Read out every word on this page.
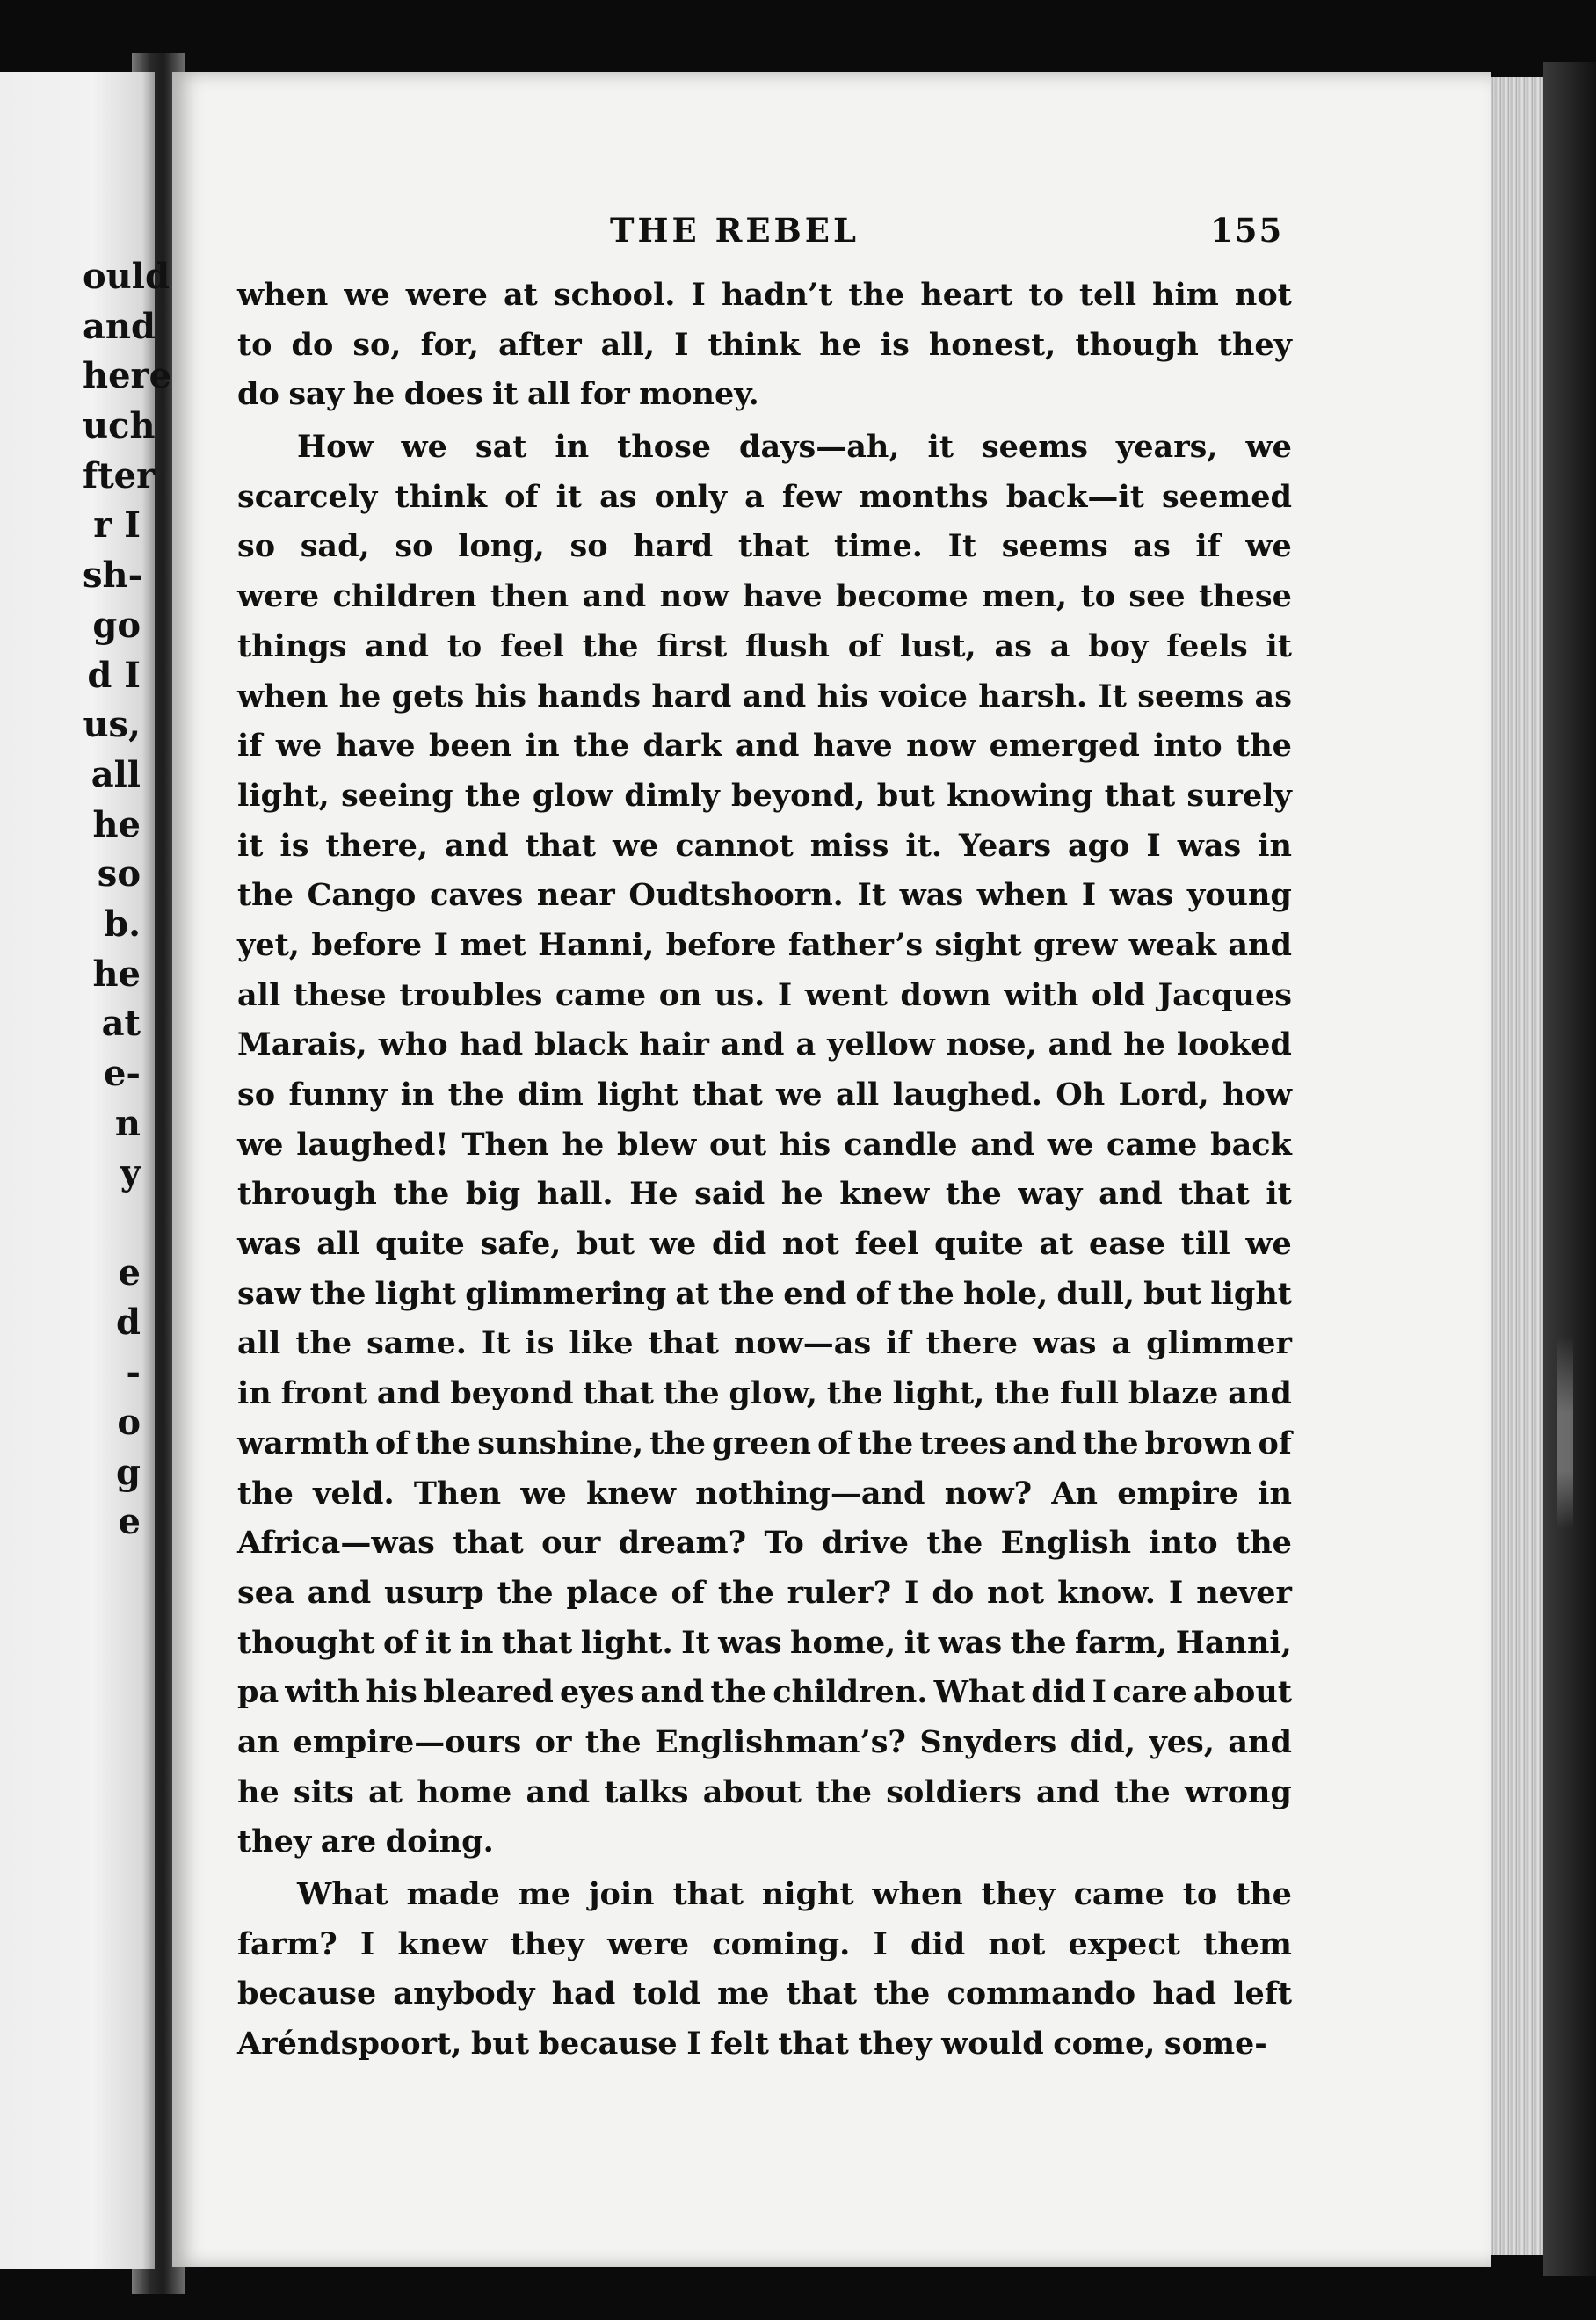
ould
and
here
uch
fter
r I
sh-
go
d I
us,
all
he
so
b.
he
at
e-
n
y
e
d
-
o
g
e
THE REBEL	155
when we were at school. I hadn’t the heart to tell him not
to do so, for, after all, I think he is honest, though they
do say he does it all for money.
How we sat in those days—ah, it seems years, we
scarcely think of it as only a few months back—it seemed
so sad, so long, so hard that time. It seems as if we
were children then and now have become men, to see these
things and to feel the first flush of lust, as a boy feels it
when he gets his hands hard and his voice harsh. It seems as
if we have been in the dark and have now emerged into the
light, seeing the glow dimly beyond, but knowing that surely
it is there, and that we cannot miss it. Years ago I was in
the Cango caves near Oudtshoorn. It was when I was young
yet, before I met Hanni, before father’s sight grew weak and
all these troubles came on us. I went down with old Jacques
Marais, who had black hair and a yellow nose, and he looked
so funny in the dim light that we all laughed. Oh Lord, how
we laughed! Then he blew out his candle and we came back
through the big hall. He said he knew the way and that it
was all quite safe, but we did not feel quite at ease till we
saw the light glimmering at the end of the hole, dull, but light
all the same. It is like that now—as if there was a glimmer
in front and beyond that the glow, the light, the full blaze and
warmth of the sunshine, the green of the trees and the brown of
the veld. Then we knew nothing—and now? An empire in
Africa—was that our dream? To drive the English into the
sea and usurp the place of the ruler? I do not know. I never
thought of it in that light. It was home, it was the farm, Hanni,
pa with his bleared eyes and the children. What did I care about
an empire—ours or the Englishman’s? Snyders did, yes, and
he sits at home and talks about the soldiers and the wrong
they are doing.
What made me join that night when they came to the
farm? I knew they were coming. I did not expect them
because anybody had told me that the commando had left
Aréndspoort, but because I felt that they would come, some-
